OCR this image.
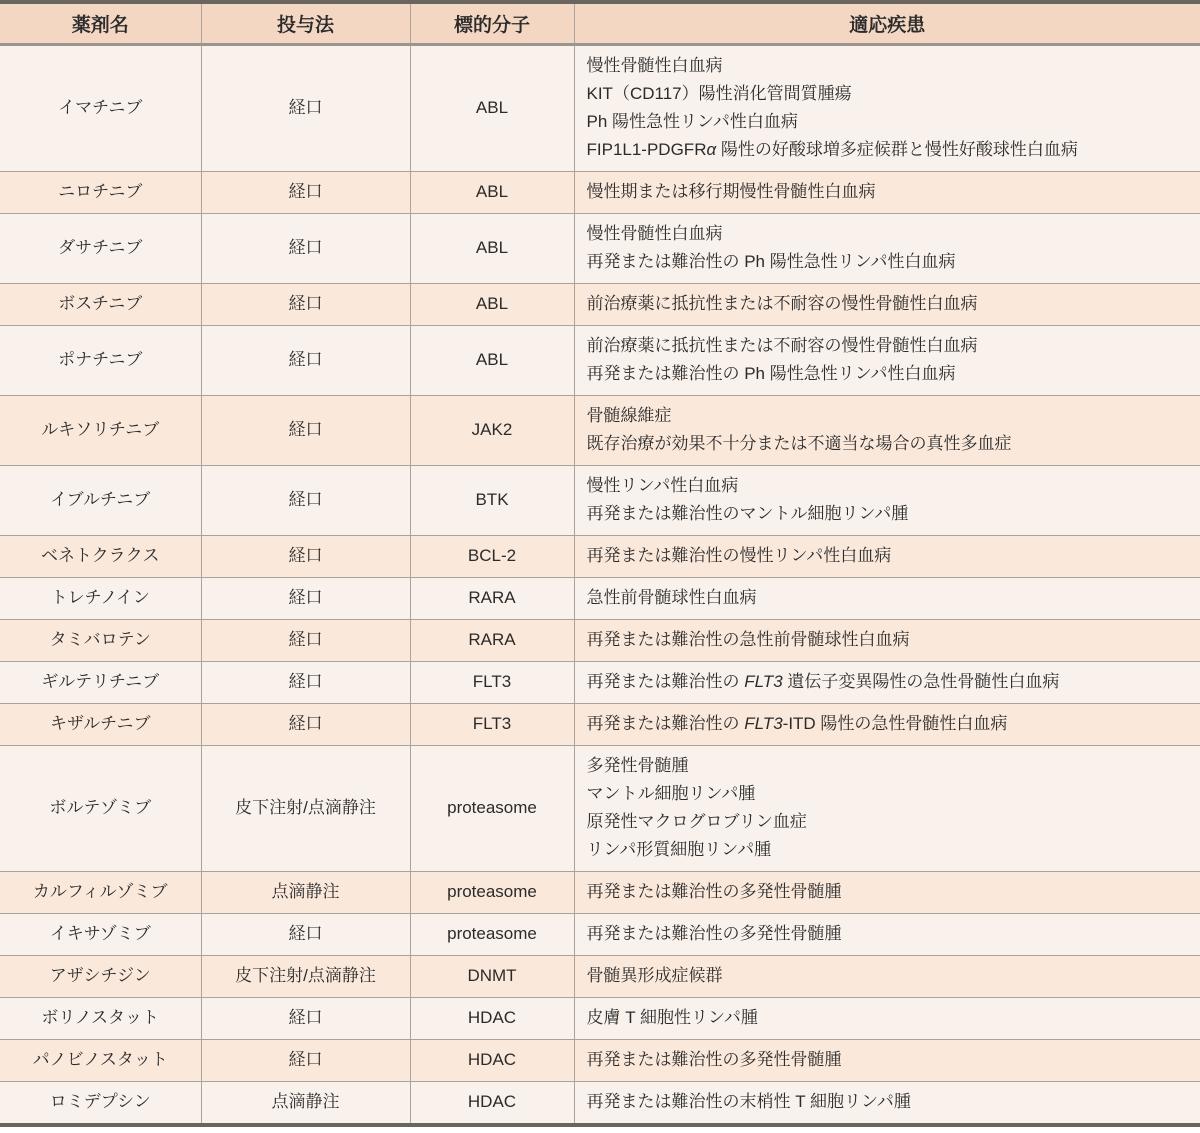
薬剤名	投与法	標的分子	適応疾患
イマチニブ	経口	ABL	慢性骨髄性白血病
KIT（CD117）陽性消化管間質腫瘍
Ph 陽性急性リンパ性白血病
FIP1L1-PDGFRα 陽性の好酸球増多症候群と慢性好酸球性白血病

ニロチニブ	経口	ABL	慢性期または移行期慢性骨髄性白血病

ダサチニブ	経口	ABL	慢性骨髄性白血病
再発または難治性の Ph 陽性急性リンパ性白血病

ボスチニブ	経口	ABL	前治療薬に抵抗性または不耐容の慢性骨髄性白血病

ポナチニブ	経口	ABL	前治療薬に抵抗性または不耐容の慢性骨髄性白血病
再発または難治性の Ph 陽性急性リンパ性白血病

ルキソリチニブ	経口	JAK2	骨髄線維症
既存治療が効果不十分または不適当な場合の真性多血症

イブルチニブ	経口	BTK	慢性リンパ性白血病
再発または難治性のマントル細胞リンパ腫

ベネトクラクス	経口	BCL-2	再発または難治性の慢性リンパ性白血病

トレチノイン	経口	RARA	急性前骨髄球性白血病

タミバロテン	経口	RARA	再発または難治性の急性前骨髄球性白血病

ギルテリチニブ	経口	FLT3	再発または難治性の FLT3 遺伝子変異陽性の急性骨髄性白血病

キザルチニブ	経口	FLT3	再発または難治性の FLT3-ITD 陽性の急性骨髄性白血病

ボルテゾミブ	皮下注射/点滴静注	proteasome	多発性骨髄腫
マントル細胞リンパ腫
原発性マクログロブリン血症
リンパ形質細胞リンパ腫

カルフィルゾミブ	点滴静注	proteasome	再発または難治性の多発性骨髄腫

イキサゾミブ	経口	proteasome	再発または難治性の多発性骨髄腫

アザシチジン	皮下注射/点滴静注	DNMT	骨髄異形成症候群

ボリノスタット	経口	HDAC	皮膚 T 細胞性リンパ腫

パノビノスタット	経口	HDAC	再発または難治性の多発性骨髄腫

ロミデプシン	点滴静注	HDAC	再発または難治性の末梢性 T 細胞リンパ腫
